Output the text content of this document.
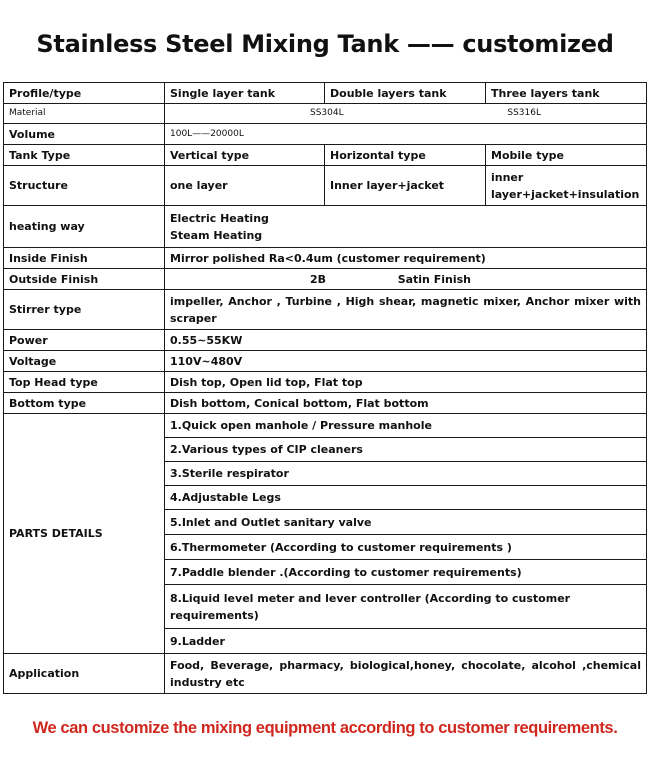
Stainless Steel Mixing Tank —— customized
Profile/type	Single layer tank	Double layers tank	Three layers tank
Material	SS304L SS316L		

Volume	100L——20000L		
Tank Type	Vertical type	Horizontal type	Mobile type
Structure	one layer	Inner layer+jacket	inner layer+jacket+insulation
heating way	Electric Heating
Steam Heating		

Inside Finish	Mirror polished Ra<0.4um (customer requirement)		
Outside Finish	2B Satin Finish		

Stirrer type	impeller, Anchor , Turbine , High shear, magnetic mixer, Anchor mixer with scraper		
Power	0.55~55KW		
Voltage	110V~480V		
Top Head type	Dish top, Open lid top, Flat top		
Bottom type	Dish bottom, Conical bottom, Flat bottom		
PARTS DETAILS	1.Quick open manhole / Pressure manhole		
	2.Various types of CIP cleaners		
	3.Sterile respirator		
	4.Adjustable Legs		
	5.Inlet and Outlet sanitary valve		
	6.Thermometer (According to customer requirements )		
	7.Paddle blender .(According to customer requirements)		
	8.Liquid level meter and lever controller (According to customer requirements)		
	9.Ladder		
Application	Food, Beverage, pharmacy, biological,honey, chocolate, alcohol ,chemical industry etc		
We can customize the mixing equipment according to customer requirements.
